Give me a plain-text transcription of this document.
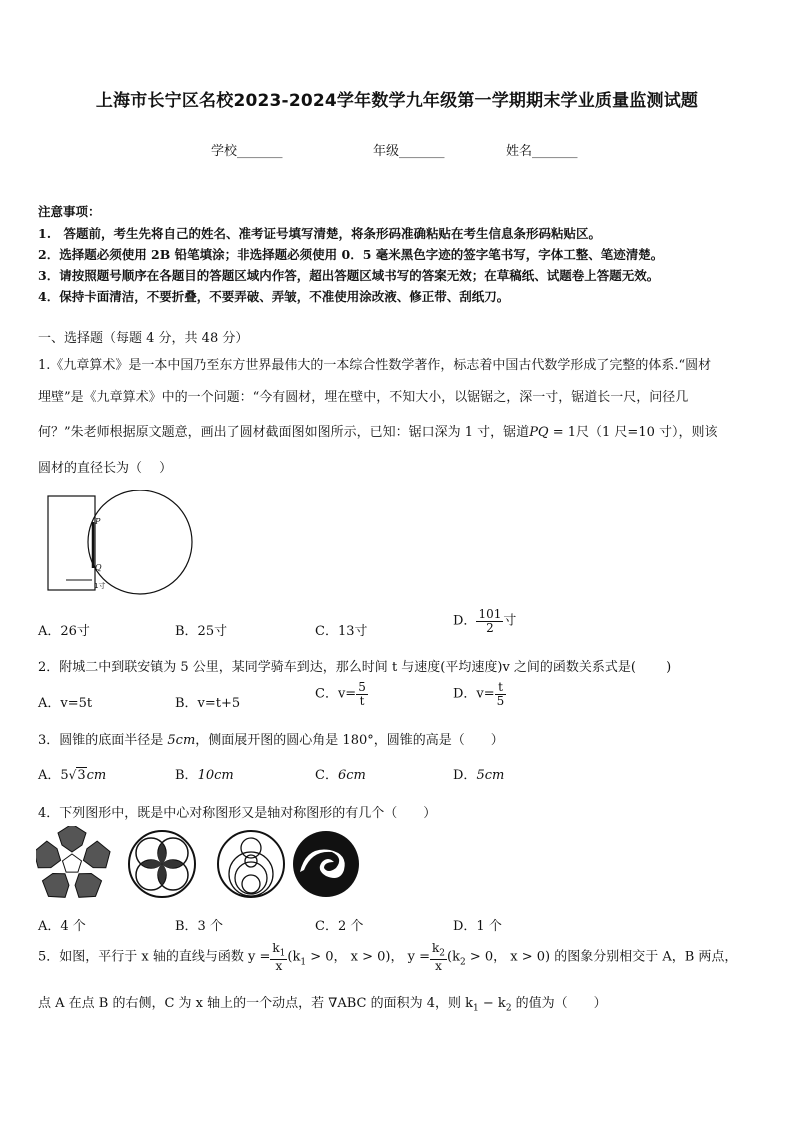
上海市长宁区名校2023-2024学年数学九年级第一学期期末学业质量监测试题
学校_______	年级_______	姓名_______
注意事项：
1.　答题前，考生先将自己的姓名、准考证号填写清楚，将条形码准确粘贴在考生信息条形码粘贴区。
2．选择题必须使用 2B 铅笔填涂；非选择题必须使用 0．5 毫米黑色字迹的签字笔书写，字体工整、笔迹清楚。
3．请按照题号顺序在各题目的答题区域内作答，超出答题区域书写的答案无效；在草稿纸、试题卷上答题无效。
4．保持卡面清洁，不要折叠，不要弄破、弄皱，不准使用涂改液、修正带、刮纸刀。
一、选择题（每题 4 分，共 48 分）
1.《九章算术》是一本中国乃至东方世界最伟大的一本综合性数学著作，标志着中国古代数学形成了完整的体系.“圆材
埋壁”是《九章算术》中的一个问题：“今有圆材，埋在壁中，不知大小，以锯锯之，深一寸，锯道长一尺，问径几
何？”朱老师根据原文题意，画出了圆材截面图如图所示，已知：锯口深为 1 寸，锯道PQ = 1尺（1 尺=10 寸），则该
圆材的直径长为（　 ）
P
Q
1寸
A．26寸	B．25寸	C．13寸
D． $\frac{101}{2}$ 寸
2．附城二中到联安镇为 5 公里，某同学骑车到达，那么时间 t 与速度(平均速度)v 之间的函数关系式是(　　 )
A．v=5t	B．v=t+5
C．$v= \frac{5}{t}$	D．$v= \frac{t}{5}$
3．圆锥的底面半径是 5cm，侧面展开图的圆心角是 180°，圆锥的高是（　　）
A．5√3cm	B．10cm	C．6cm	D．5cm
4．下列图形中，既是中心对称图形又是轴对称图形的有几个（　　）
A．4 个	B．3 个	C．2 个	D．1 个
5．如图，平行于 x 轴的直线与函数 $y = \frac{k_1}{x} (k_1 > 0$， x > 0)， $y = \frac{k_2}{x} (k_2 > 0$， x > 0) 的图象分别相交于 A，B 两点，
点 A 在点 B 的右侧，C 为 x 轴上的一个动点，若 ∇ABC 的面积为 4，则 $k_1 - k_2$ 的值为（　　）
